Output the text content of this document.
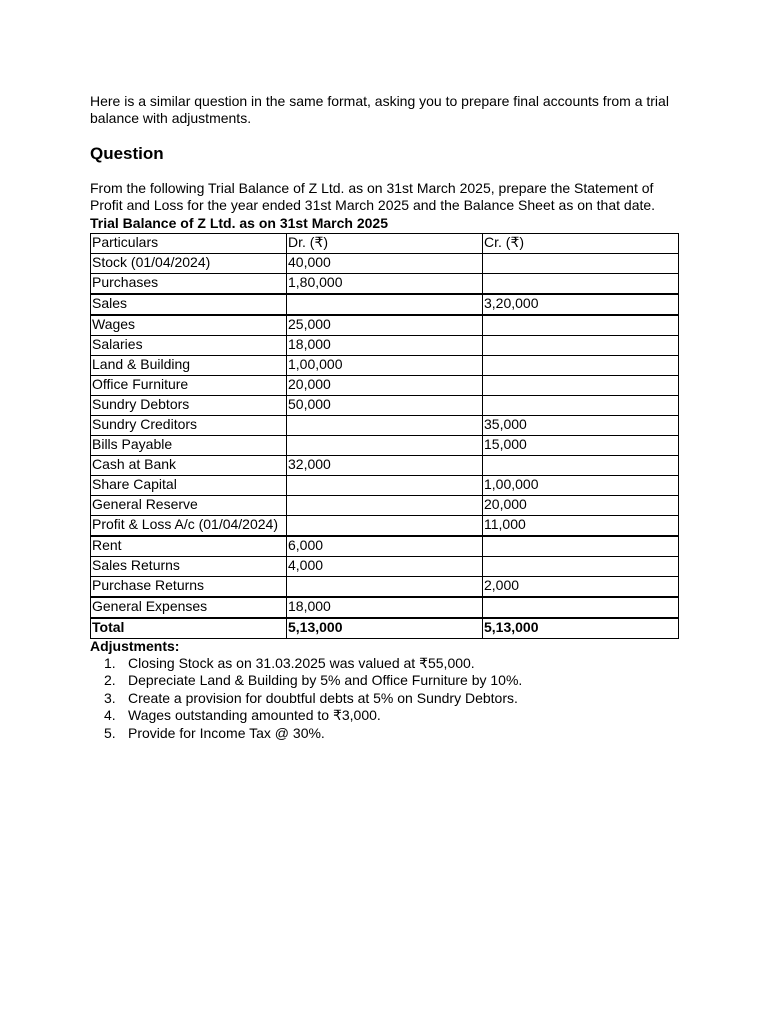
Here is a similar question in the same format, asking you to prepare final accounts from a trial balance with adjustments.

Question

From the following Trial Balance of Z Ltd. as on 31st March 2025, prepare the Statement of Profit and Loss for the year ended 31st March 2025 and the Balance Sheet as on that date.

Trial Balance of Z Ltd. as on 31st March 2025

Particulars	Dr. (₹)	Cr. (₹)
Stock (01/04/2024)	40,000	
Purchases	1,80,000	
Sales		3,20,000
Wages	25,000	
Salaries	18,000	
Land & Building	1,00,000	
Office Furniture	20,000	
Sundry Debtors	50,000	
Sundry Creditors		35,000
Bills Payable		15,000
Cash at Bank	32,000	
Share Capital		1,00,000
General Reserve		20,000
Profit & Loss A/c (01/04/2024)		11,000
Rent	6,000	
Sales Returns	4,000	
Purchase Returns		2,000
General Expenses	18,000	
Total	5,13,000	5,13,000

Adjustments:

1. Closing Stock as on 31.03.2025 was valued at ₹55,000.
2. Depreciate Land & Building by 5% and Office Furniture by 10%.
3. Create a provision for doubtful debts at 5% on Sundry Debtors.
4. Wages outstanding amounted to ₹3,000.
5. Provide for Income Tax @ 30%.
